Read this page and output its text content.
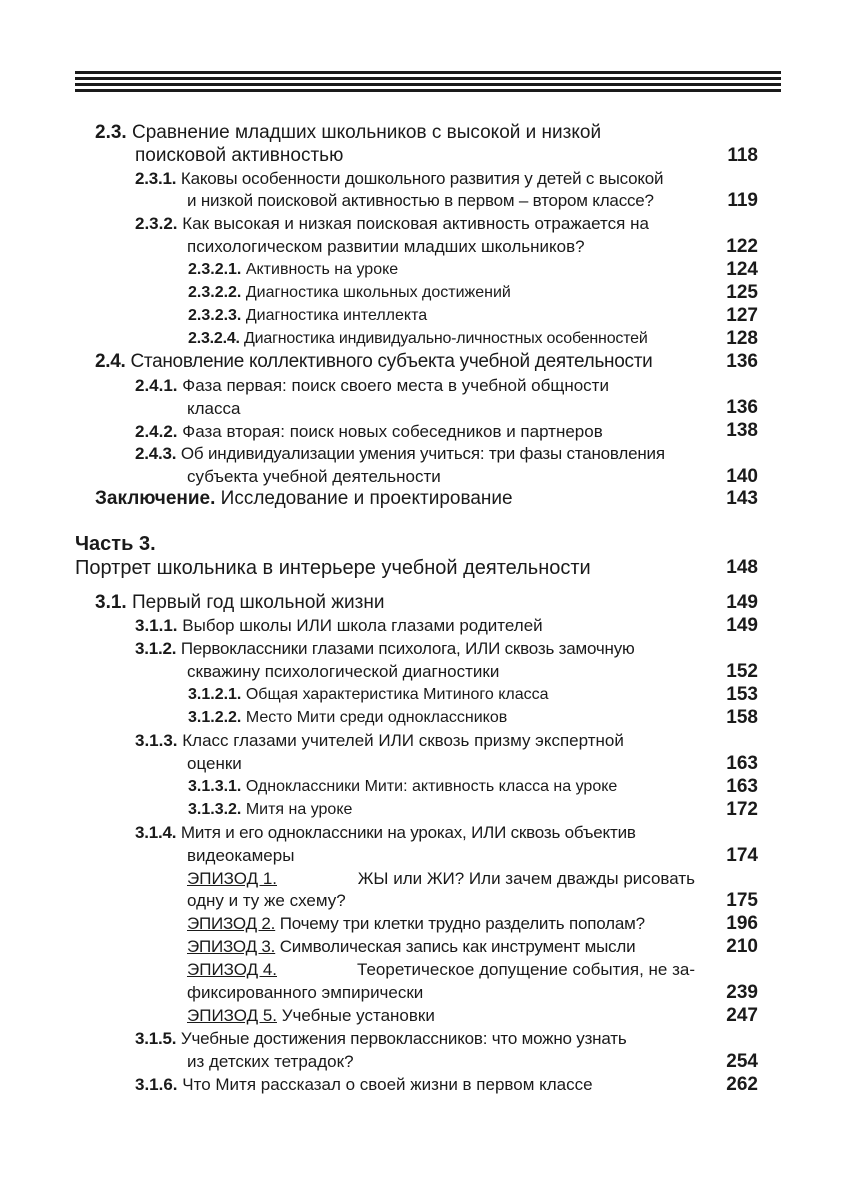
2.3. Сравнение младших школьников с высокой и низкой
поисковой активностью	118
2.3.1. Каковы особенности дошкольного развития у детей с высокой
и низкой поисковой активностью в первом – втором классе?	119
2.3.2. Как высокая и низкая поисковая активность отражается на
психологическом развитии младших школьников?	122
2.3.2.1. Активность на уроке	124
2.3.2.2. Диагностика школьных достижений	125
2.3.2.3. Диагностика интеллекта	127
2.3.2.4. Диагностика индивидуально-личностных особенностей	128
2.4. Становление коллективного субъекта учебной деятельности	136
2.4.1. Фаза первая: поиск своего места в учебной общности
класса	136
2.4.2. Фаза вторая: поиск новых собеседников и партнеров	138
2.4.3. Об индивидуализации умения учиться: три фазы становления
субъекта учебной деятельности	140
Заключение. Исследование и проектирование	143
Часть 3.
Портрет школьника в интерьере учебной деятельности	148
3.1. Первый год школьной жизни	149
3.1.1. Выбор школы ИЛИ школа глазами родителей	149
3.1.2. Первоклассники глазами психолога, ИЛИ сквозь замочную
скважину психологической диагностики	152
3.1.2.1. Общая характеристика Митиного класса	153
3.1.2.2. Место Мити среди одноклассников	158
3.1.3. Класс глазами учителей ИЛИ сквозь призму экспертной
оценки	163
3.1.3.1. Одноклассники Мити: активность класса на уроке	163
3.1.3.2. Митя на уроке	172
3.1.4. Митя и его одноклассники на уроках, ИЛИ сквозь объектив
видеокамеры	174
ЭПИЗОД 1.	ЖЫ или ЖИ? Или зачем дважды рисовать
одну и ту же схему?	175
ЭПИЗОД 2. Почему три клетки трудно разделить пополам?	196
ЭПИЗОД 3. Символическая запись как инструмент мысли	210
ЭПИЗОД 4.	Теоретическое допущение события, не за-
фиксированного эмпирически	239
ЭПИЗОД 5. Учебные установки	247
3.1.5. Учебные достижения первоклассников: что можно узнать
из детских тетрадок?	254
3.1.6. Что Митя рассказал о своей жизни в первом классе	262
